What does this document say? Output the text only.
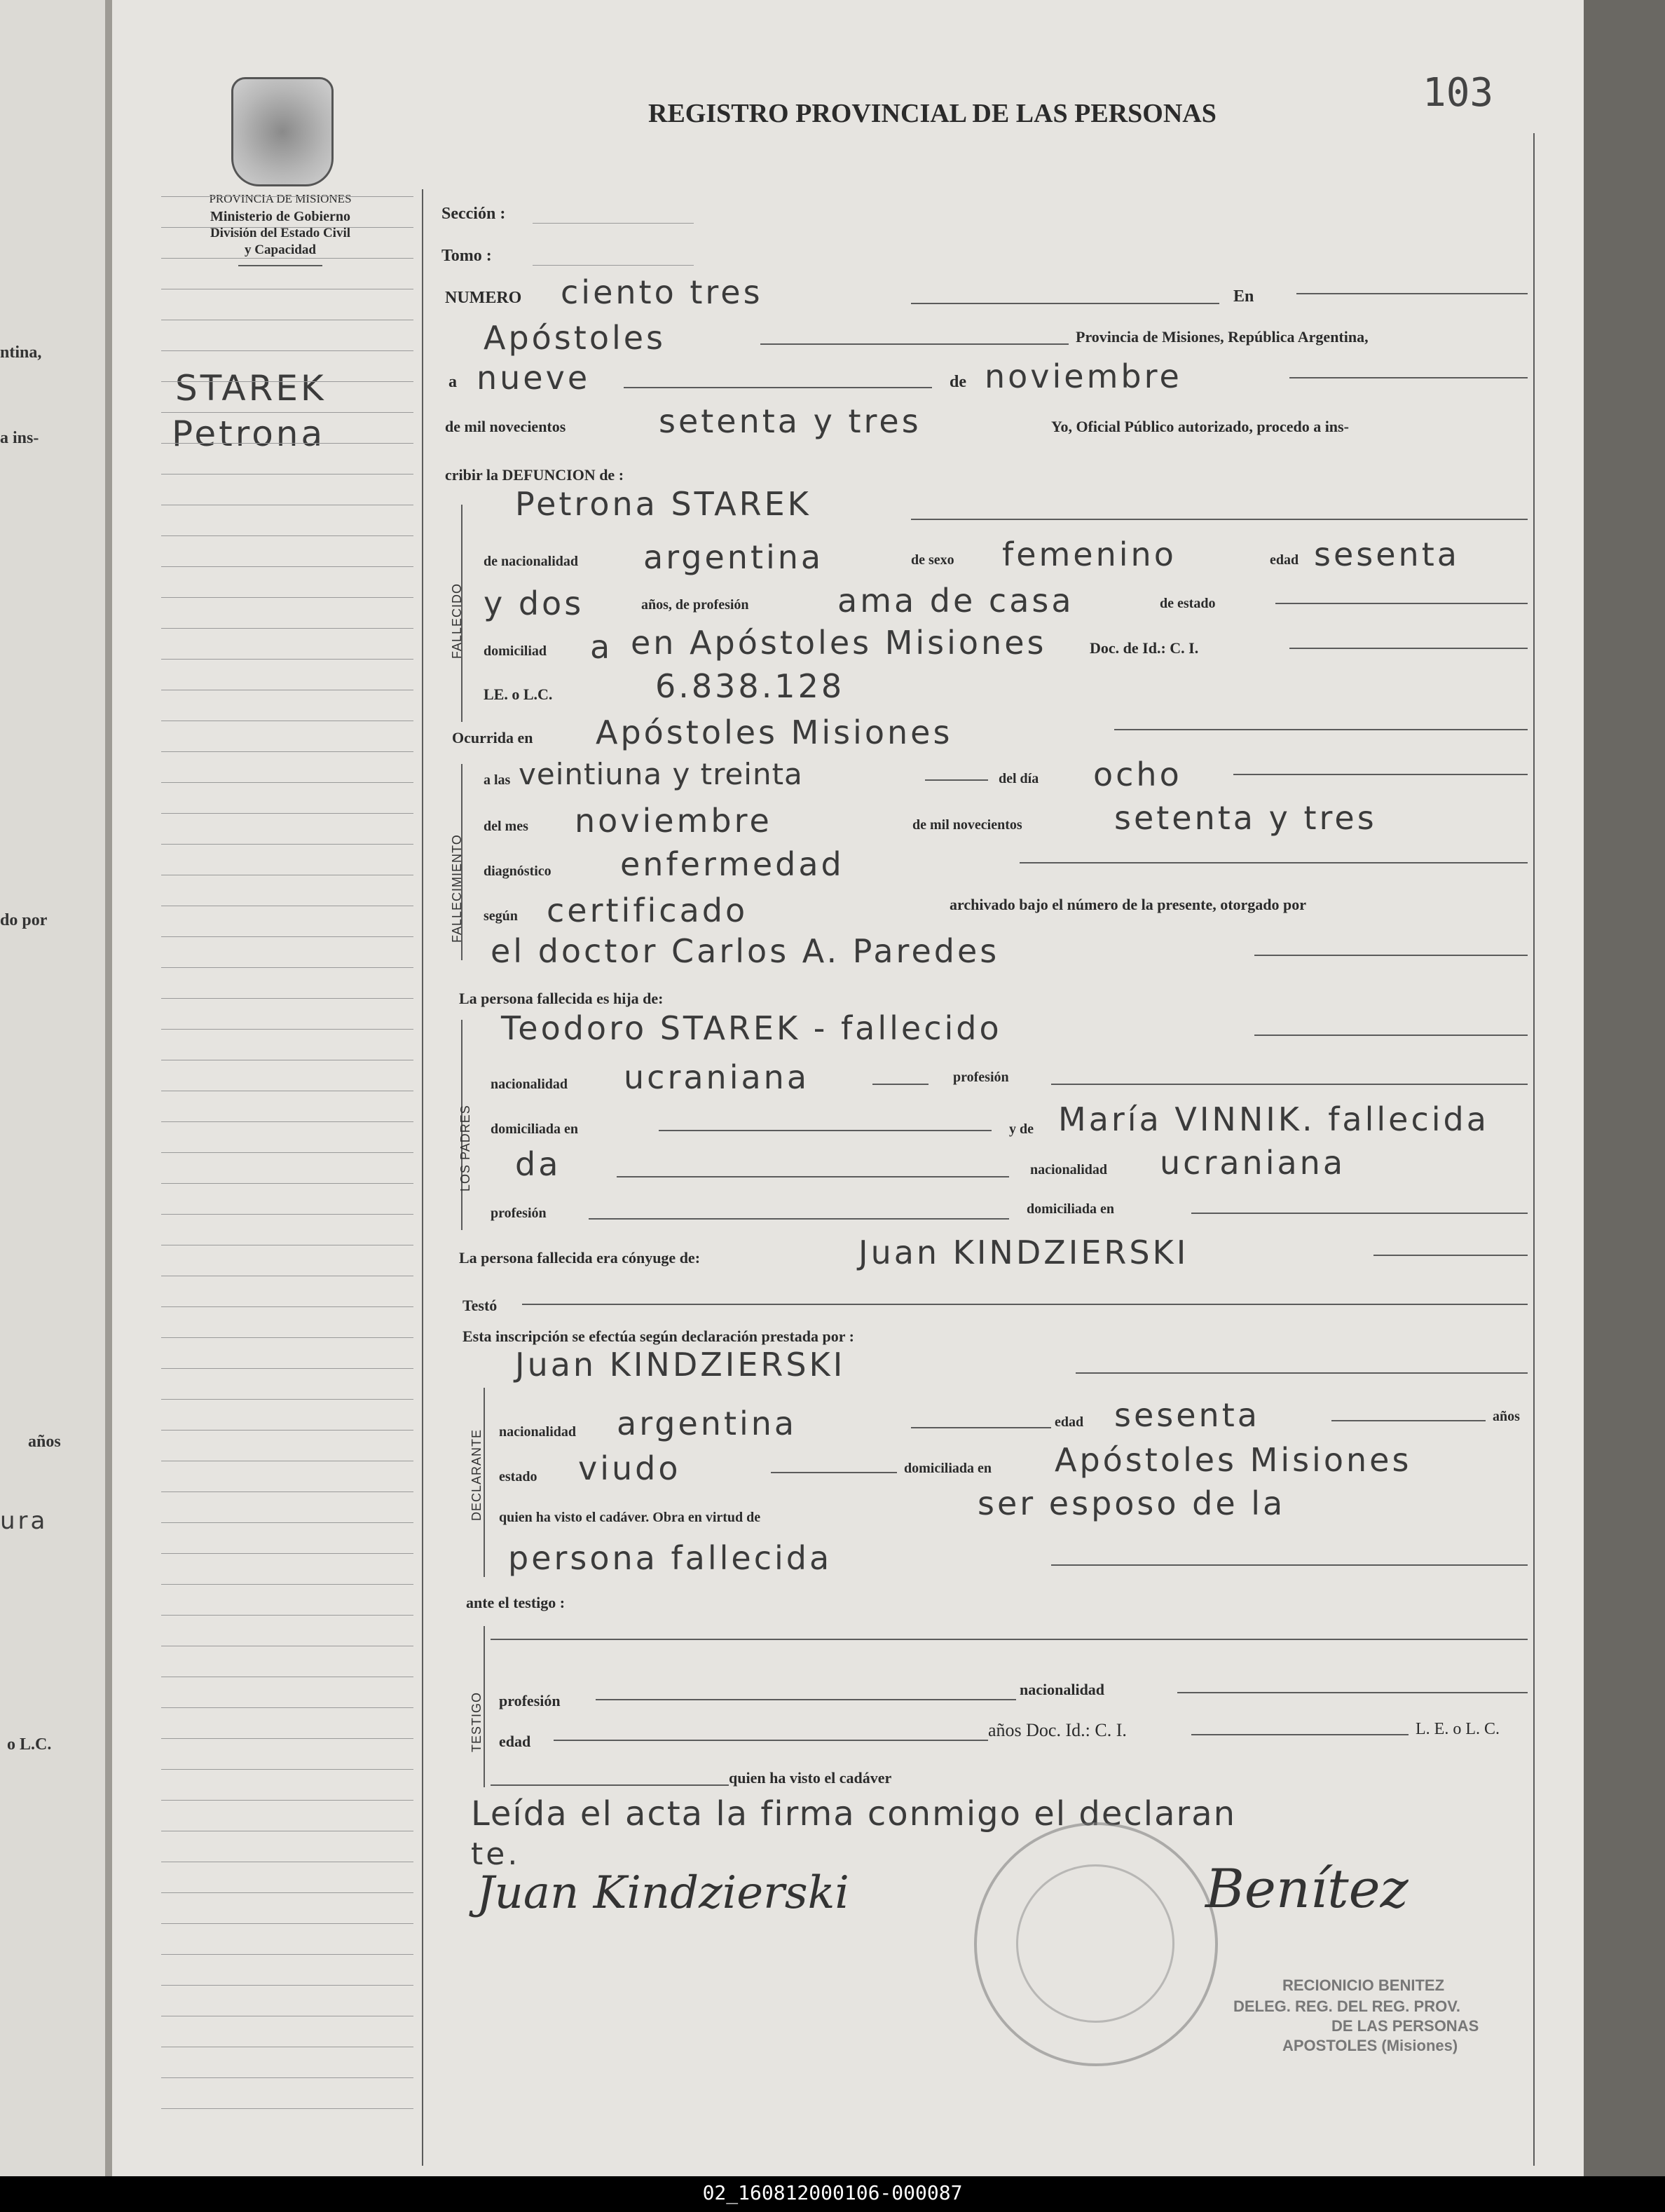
ntina,
a ins-
do por
años
ura
o L.C.
PROVINCIA DE MISIONES
Ministerio de Gobierno
División del Estado Civil
y Capacidad
REGISTRO PROVINCIAL DE LAS PERSONAS	103
STAREK
Petrona
FALLECIDO
FALLECIMIENTO
LOS PADRES
DECLARANTE
TESTIGO
Sección :
Tomo :
NUMERO ciento tres	En
Apóstoles	Provincia de Misiones, República Argentina,
a nueve	de noviembre
de mil novecientos	setenta y tres	Yo, Oficial Público autorizado, procedo a ins-
cribir la DEFUNCION de :
Petrona STAREK
de nacionalidad argentina	de sexo femenino	edad sesenta
y dos	años, de profesión	ama de casa	de estado
domiciliad a en Apóstoles Misiones	Doc. de Id.: C. I.
LE. o L.C.	6.838.128
Ocurrida en Apóstoles Misiones
a las veintiuna y treinta	del día ocho
del mes noviembre	de mil novecientos	setenta y tres
diagnóstico enfermedad
según certificado	archivado bajo el número de la presente, otorgado por
el doctor Carlos A. Paredes
La persona fallecida es hija de:
Teodoro STAREK - fallecido
nacionalidad ucraniana	profesión
domiciliada en	y de María VINNIK. fallecida
da	nacionalidad ucraniana
profesión	domiciliada en
La persona fallecida era cónyuge de:	Juan KINDZIERSKI
Testó
Esta inscripción se efectúa según declaración prestada por :
Juan KINDZIERSKI
nacionalidad argentina	edad sesenta	años
estado viudo	domiciliada en Apóstoles Misiones
quien ha visto el cadáver. Obra en virtud de	ser esposo de la
persona fallecida
ante el testigo :
profesión
nacionalidad
edad
años Doc. Id.: C. I.	L. E. o L. C.
quien ha visto el cadáver
Leída el acta la firma conmigo el declaran
te.
RECIONICIO BENITEZ
DELEG. REG. DEL REG. PROV.
DE LAS PERSONAS
APOSTOLES (Misiones)
Juan Kindzierski	Benítez
02_160812000106-000087
